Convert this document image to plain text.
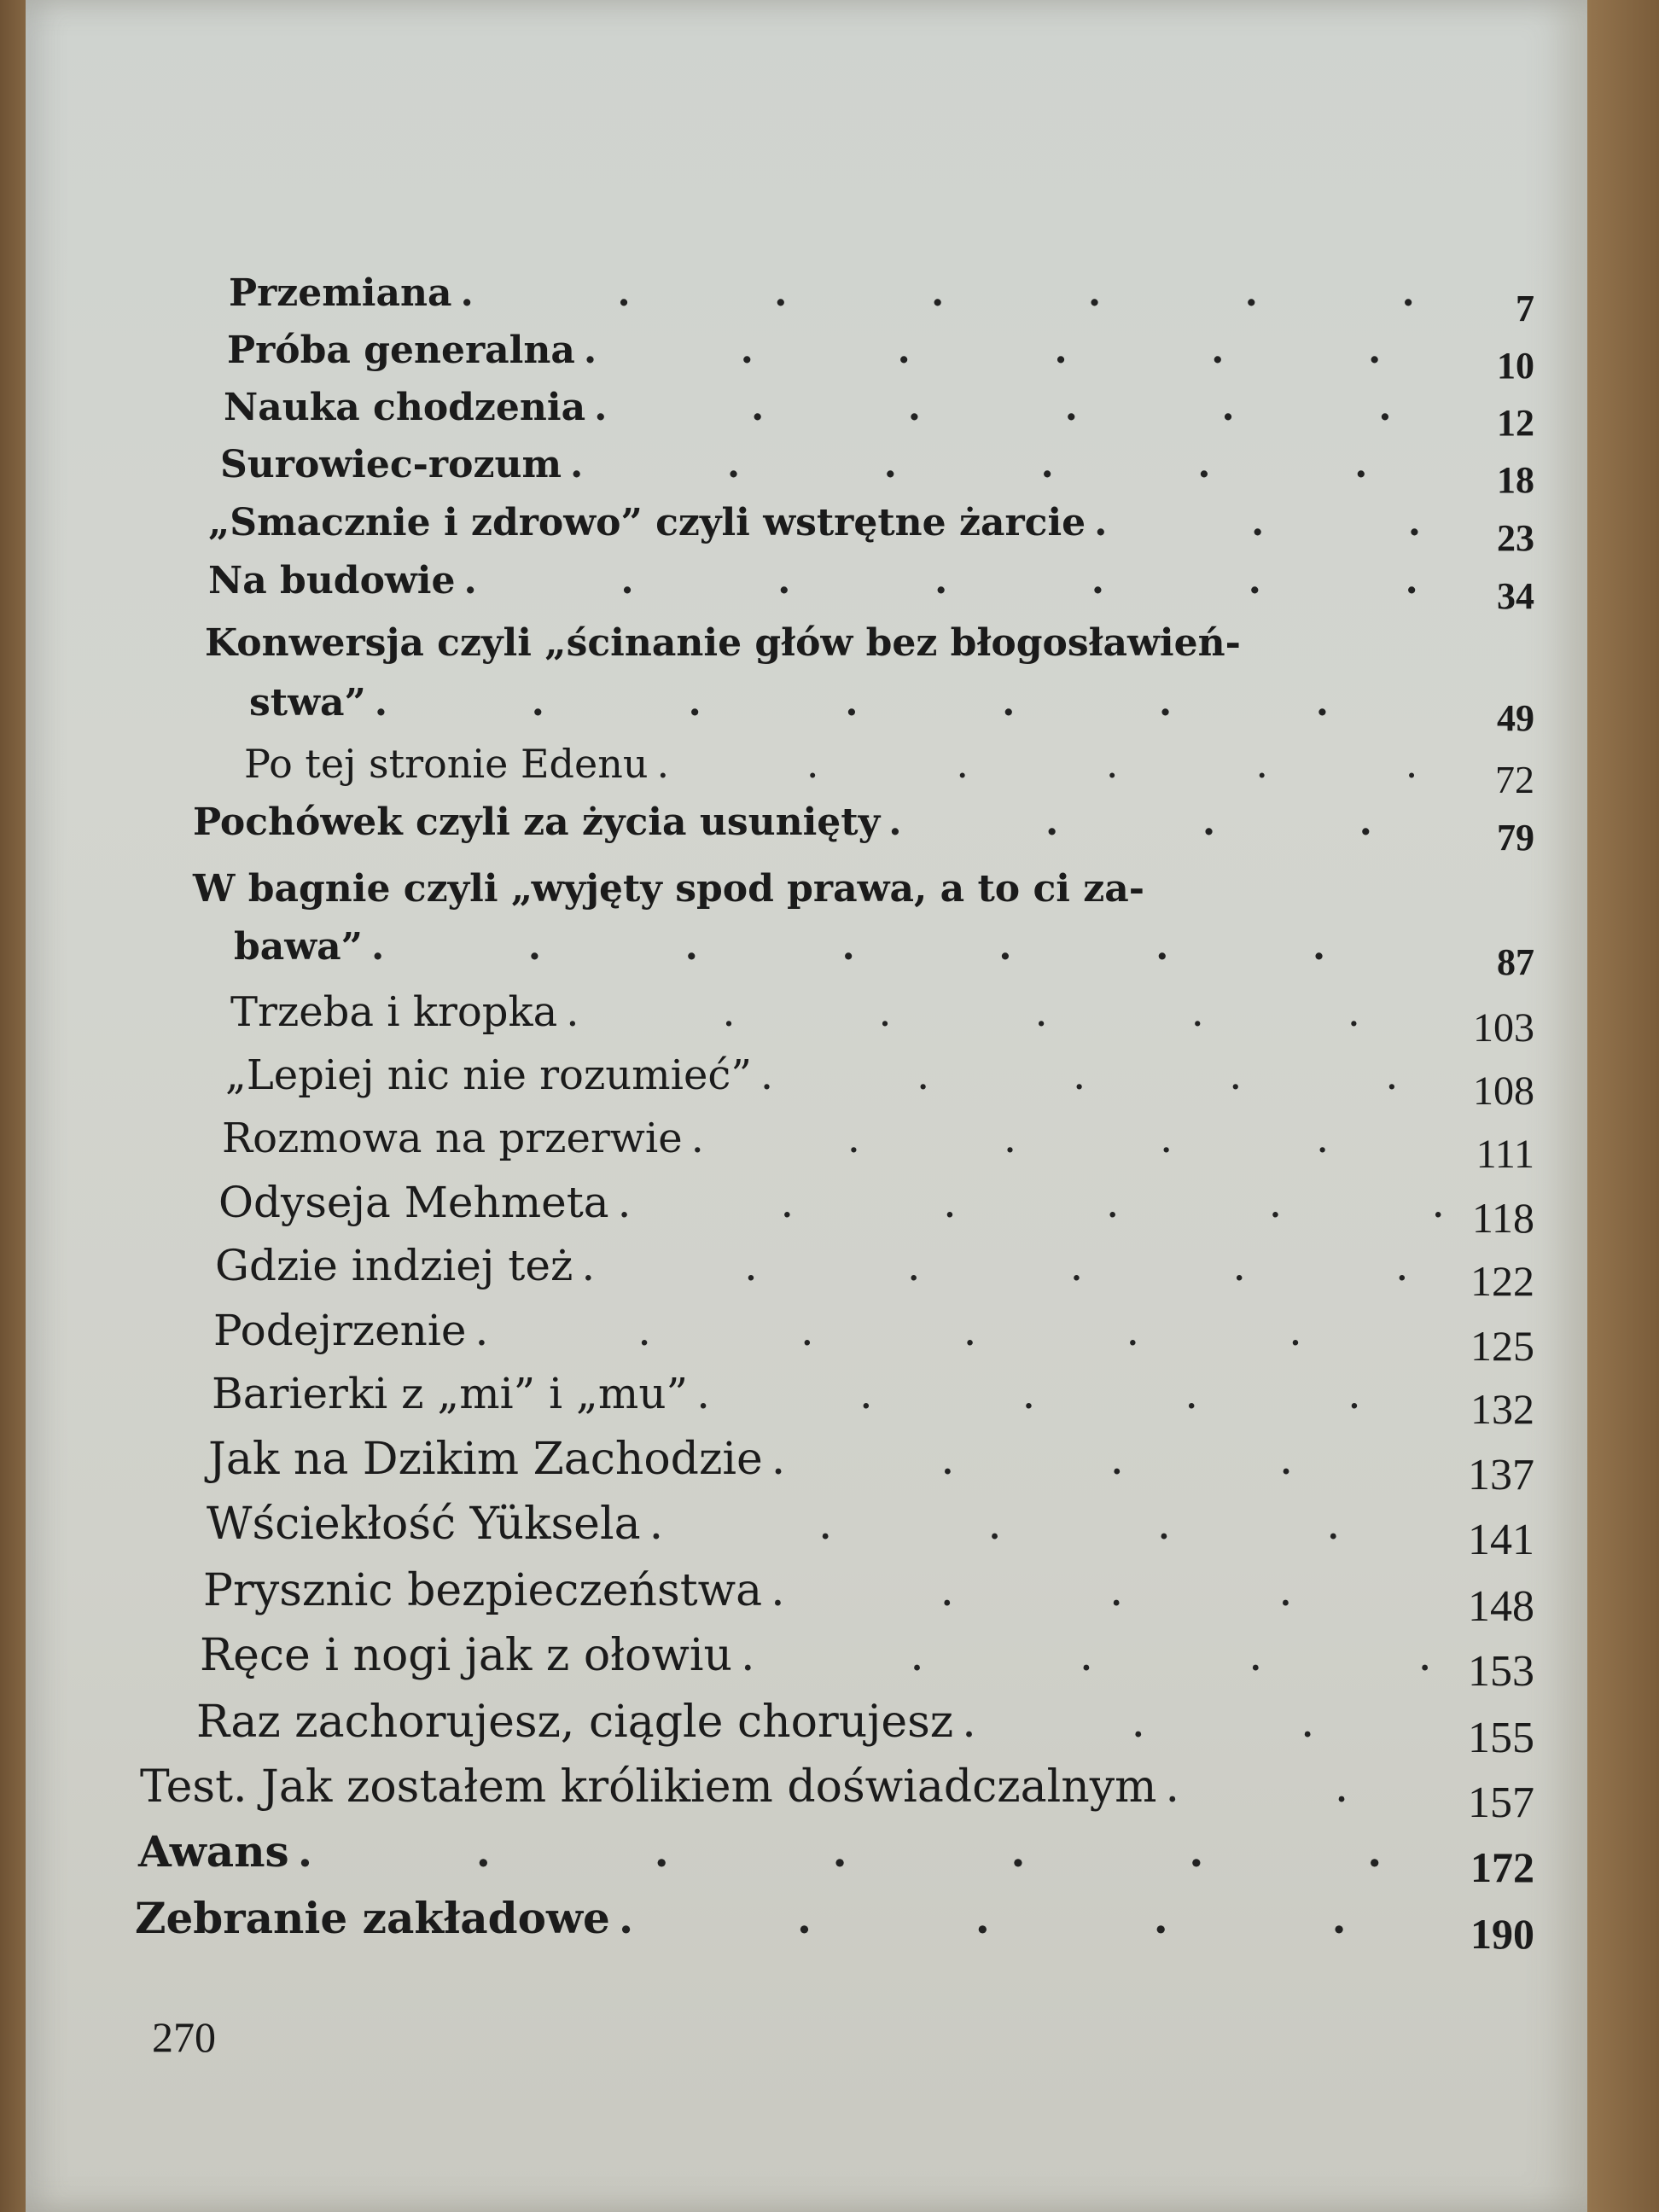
Przemiana .	7
Próba generalna .	10
Nauka chodzenia .	12
Surowiec-rozum .	18
„Smacznie i zdrowo” czyli wstrętne żarcie .	23
Na budowie .	34
Konwersja czyli „ścinanie głów bez błogosławień-
stwa” .	49
Po tej stronie Edenu .	72
Pochówek czyli za życia usunięty .	79
W bagnie czyli „wyjęty spod prawa, a to ci za-
bawa” .	87
Trzeba i kropka .	103
„Lepiej nic nie rozumieć” .	108
Rozmowa na przerwie .	111
Odyseja Mehmeta .	118
Gdzie indziej też .	122
Podejrzenie .	125
Barierki z „mi” i „mu” .	132
Jak na Dzikim Zachodzie .	137
Wściekłość Yüksela .	141
Prysznic bezpieczeństwa .	148
Ręce i nogi jak z ołowiu .	153
Raz zachorujesz, ciągle chorujesz .	155
Test. Jak zostałem królikiem doświadczalnym .	157
Awans .	172
Zebranie zakładowe .	190
270
